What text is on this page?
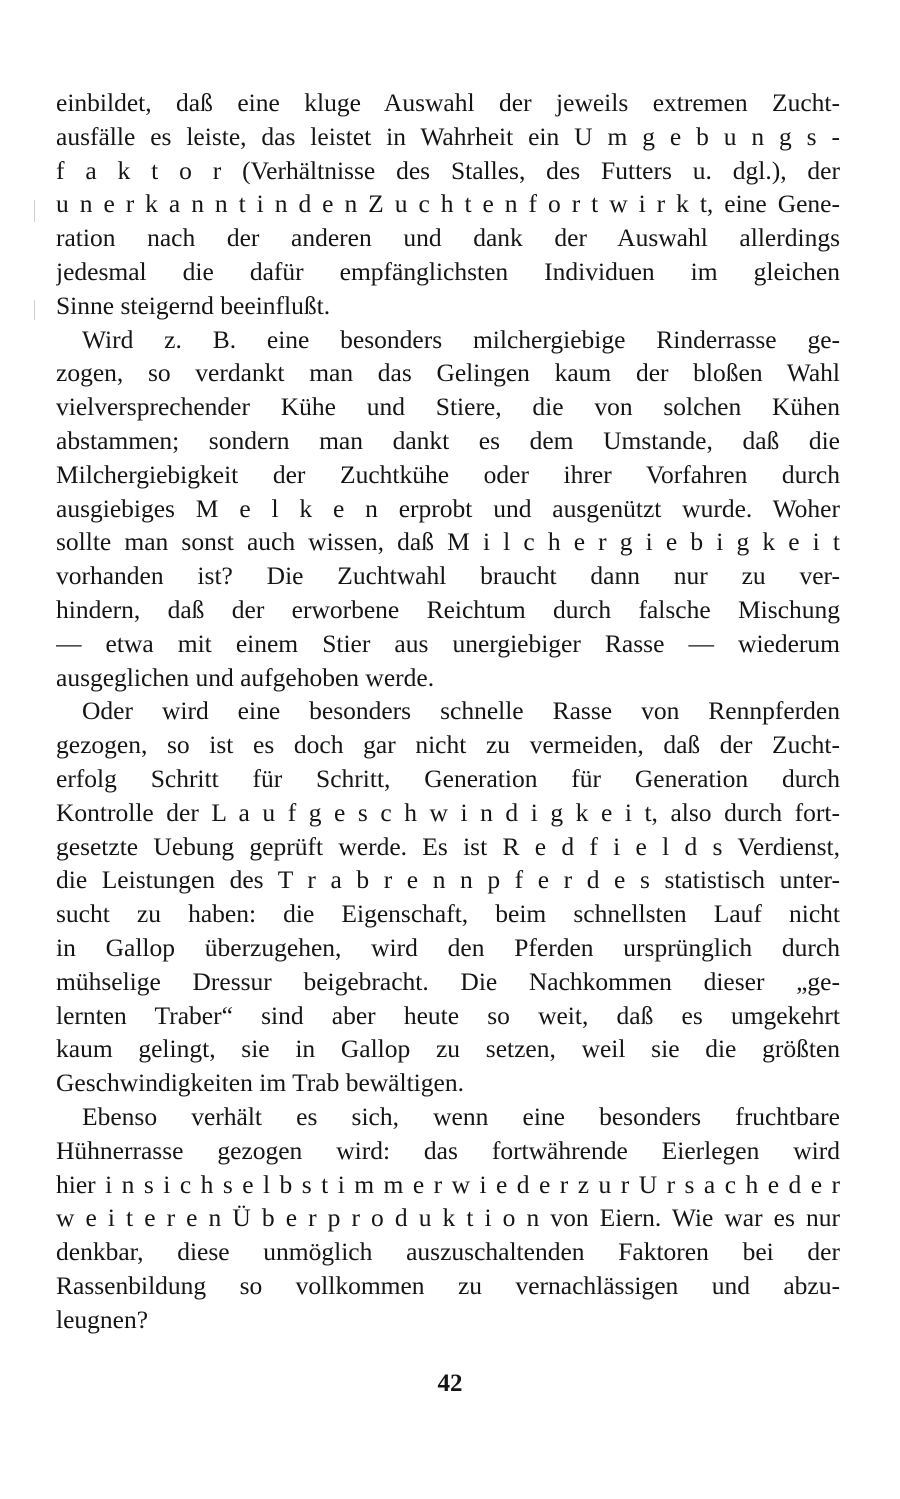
einbildet, daß eine kluge Auswahl der jeweils extremen Zucht-
ausfälle es leiste, das leistet in Wahrheit ein U m g e b u n g s -
f a k t o r (Verhältnisse des Stalles, des Futters u. dgl.), der
u n e r k a n n t i n d e n Z u c h t e n f o r t w i r k t, eine Gene-
ration nach der anderen und dank der Auswahl allerdings
jedesmal die dafür empfänglichsten Individuen im gleichen
Sinne steigernd beeinflußt.
Wird z. B. eine besonders milchergiebige Rinderrasse ge-
zogen, so verdankt man das Gelingen kaum der bloßen Wahl
vielversprechender Kühe und Stiere, die von solchen Kühen
abstammen; sondern man dankt es dem Umstande, daß die
Milchergiebigkeit der Zuchtkühe oder ihrer Vorfahren durch
ausgiebiges M e l k e n erprobt und ausgenützt wurde. Woher
sollte man sonst auch wissen, daß M i l c h e r g i e b i g k e i t
vorhanden ist? Die Zuchtwahl braucht dann nur zu ver-
hindern, daß der erworbene Reichtum durch falsche Mischung
— etwa mit einem Stier aus unergiebiger Rasse — wiederum
ausgeglichen und aufgehoben werde.
Oder wird eine besonders schnelle Rasse von Rennpferden
gezogen, so ist es doch gar nicht zu vermeiden, daß der Zucht-
erfolg Schritt für Schritt, Generation für Generation durch
Kontrolle der L a u f g e s c h w i n d i g k e i t, also durch fort-
gesetzte Uebung geprüft werde. Es ist R e d f i e l d s Verdienst,
die Leistungen des T r a b r e n n p f e r d e s statistisch unter-
sucht zu haben: die Eigenschaft, beim schnellsten Lauf nicht
in Gallop überzugehen, wird den Pferden ursprünglich durch
mühselige Dressur beigebracht. Die Nachkommen dieser „ge-
lernten Traber“ sind aber heute so weit, daß es umgekehrt
kaum gelingt, sie in Gallop zu setzen, weil sie die größten
Geschwindigkeiten im Trab bewältigen.
Ebenso verhält es sich, wenn eine besonders fruchtbare
Hühnerrasse gezogen wird: das fortwährende Eierlegen wird
hier i n s i c h s e l b s t i m m e r w i e d e r z u r U r s a c h e d e r
w e i t e r e n Ü b e r p r o d u k t i o n von Eiern. Wie war es nur
denkbar, diese unmöglich auszuschaltenden Faktoren bei der
Rassenbildung so vollkommen zu vernachlässigen und abzu-
leugnen?
42
